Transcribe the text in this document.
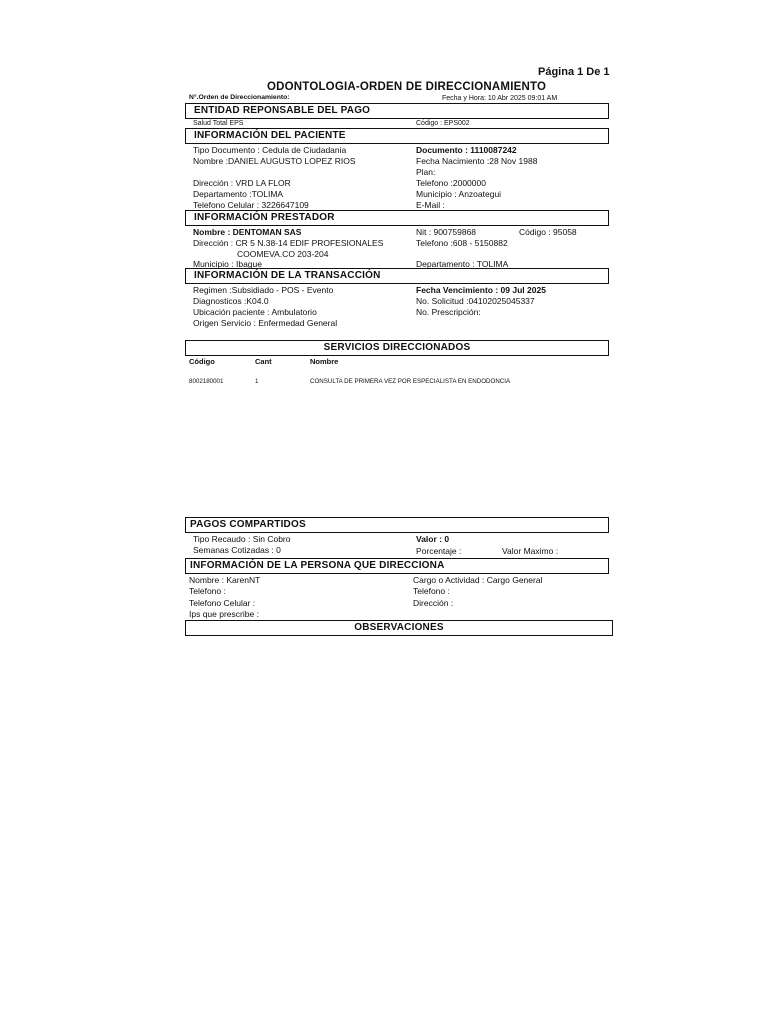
Página 1 De 1
ODONTOLOGIA-ORDEN DE DIRECCIONAMIENTO
N°.Orden de Direccionamiento:	Fecha y Hora: 10 Abr 2025 09:01 AM
ENTIDAD REPONSABLE DEL PAGO
Salud Total EPS	Código : EPS002
INFORMACIÓN DEL PACIENTE
Tipo Documento : Cedula de Ciudadania	Documento : 1110087242
Nombre :DANIEL AUGUSTO LOPEZ RIOS	Fecha Nacimiento :28 Nov 1988
Plan:
Dirección : VRD LA FLOR	Telefono :2000000
Departamento :TOLIMA	Municipio : Anzoategui
Telefono Celular : 3226647109	E-Mail :
INFORMACIÓN PRESTADOR
Nombre : DENTOMAN SAS	Nit : 900759868	Código : 95058
Dirección : CR 5 N.38-14 EDIF PROFESIONALES	Telefono :608 - 5150882
COOMEVA.CO 203-204
Municipio : Ibague	Departamento : TOLIMA
INFORMACIÓN DE LA TRANSACCIÓN
Regimen :Subsidiado - POS - Evento	Fecha Vencimiento : 09 Jul 2025
Diagnosticos :K04.0	No. Solicitud :04102025045337
Ubicación paciente : Ambulatorio	No. Prescripción:
Origen Servicio : Enfermedad General
SERVICIOS DIRECCIONADOS
Código	Cant	Nombre
8002180001	1	CONSULTA DE PRIMERA VEZ POR ESPECIALISTA EN ENDODONCIA
PAGOS COMPARTIDOS
Tipo Recaudo : Sin Cobro	Valor : 0
Semanas Cotizadas : 0	Porcentaje :	Valor Maximo :
INFORMACIÓN DE LA PERSONA QUE DIRECCIONA
Nombre : KarenNT	Cargo o Actividad : Cargo General
Telefono :	Telefono :
Telefono Celular :	Dirección :
Ips que prescribe :
OBSERVACIONES
